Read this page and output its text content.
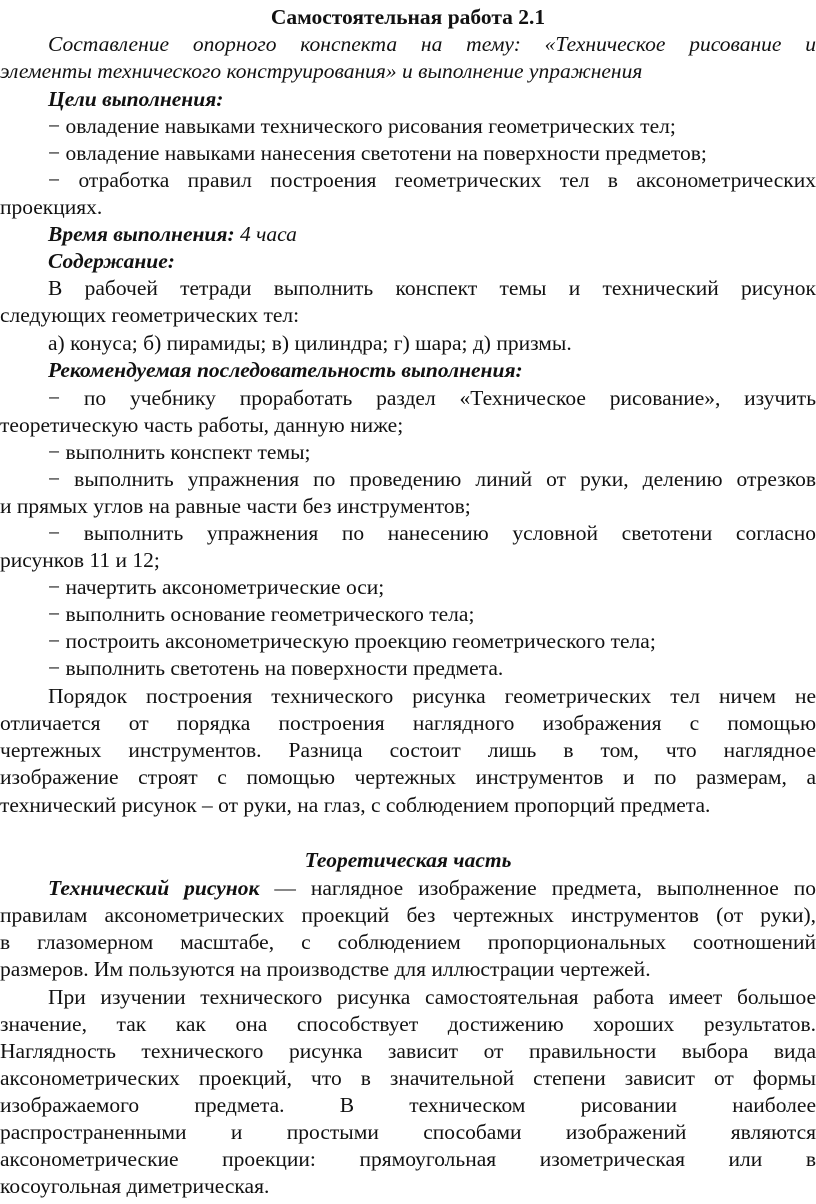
Самостоятельная работа 2.1
Составление опорного конспекта на тему: «Техническое рисование и
элементы технического конструирования» и выполнение упражнения
Цели выполнения:
− овладение навыками технического рисования геометрических тел;
− овладение навыками нанесения светотени на поверхности предметов;
− отработка правил построения геометрических тел в аксонометрических
проекциях.
Время выполнения: 4 часа
Содержание:
В рабочей тетради выполнить конспект темы и технический рисунок
следующих геометрических тел:
а) конуса; б) пирамиды; в) цилиндра; г) шара; д) призмы.
Рекомендуемая последовательность выполнения:
− по учебнику проработать раздел «Техническое рисование», изучить
теоретическую часть работы, данную ниже;
− выполнить конспект темы;
− выполнить упражнения по проведению линий от руки, делению отрезков
и прямых углов на равные части без инструментов;
− выполнить упражнения по нанесению условной светотени согласно
рисунков 11 и 12;
− начертить аксонометрические оси;
− выполнить основание геометрического тела;
− построить аксонометрическую проекцию геометрического тела;
− выполнить светотень на поверхности предмета.
Порядок построения технического рисунка геометрических тел ничем не
отличается от порядка построения наглядного изображения с помощью
чертежных инструментов. Разница состоит лишь в том, что наглядное
изображение строят с помощью чертежных инструментов и по размерам, а
технический рисунок – от руки, на глаз, с соблюдением пропорций предмета.
Теоретическая часть
Технический рисунок — наглядное изображение предмета, выполненное по
правилам аксонометрических проекций без чертежных инструментов (от руки),
в глазомерном масштабе, с соблюдением пропорциональных соотношений
размеров. Им пользуются на производстве для иллюстрации чертежей.
При изучении технического рисунка самостоятельная работа имеет большое
значение, так как она способствует достижению хороших результатов.
Наглядность технического рисунка зависит от правильности выбора вида
аксонометрических проекций, что в значительной степени зависит от формы
изображаемого предмета. В техническом рисовании наиболее
распространенными и простыми способами изображений являются
аксонометрические проекции: прямоугольная изометрическая или в
косоугольная диметрическая.
